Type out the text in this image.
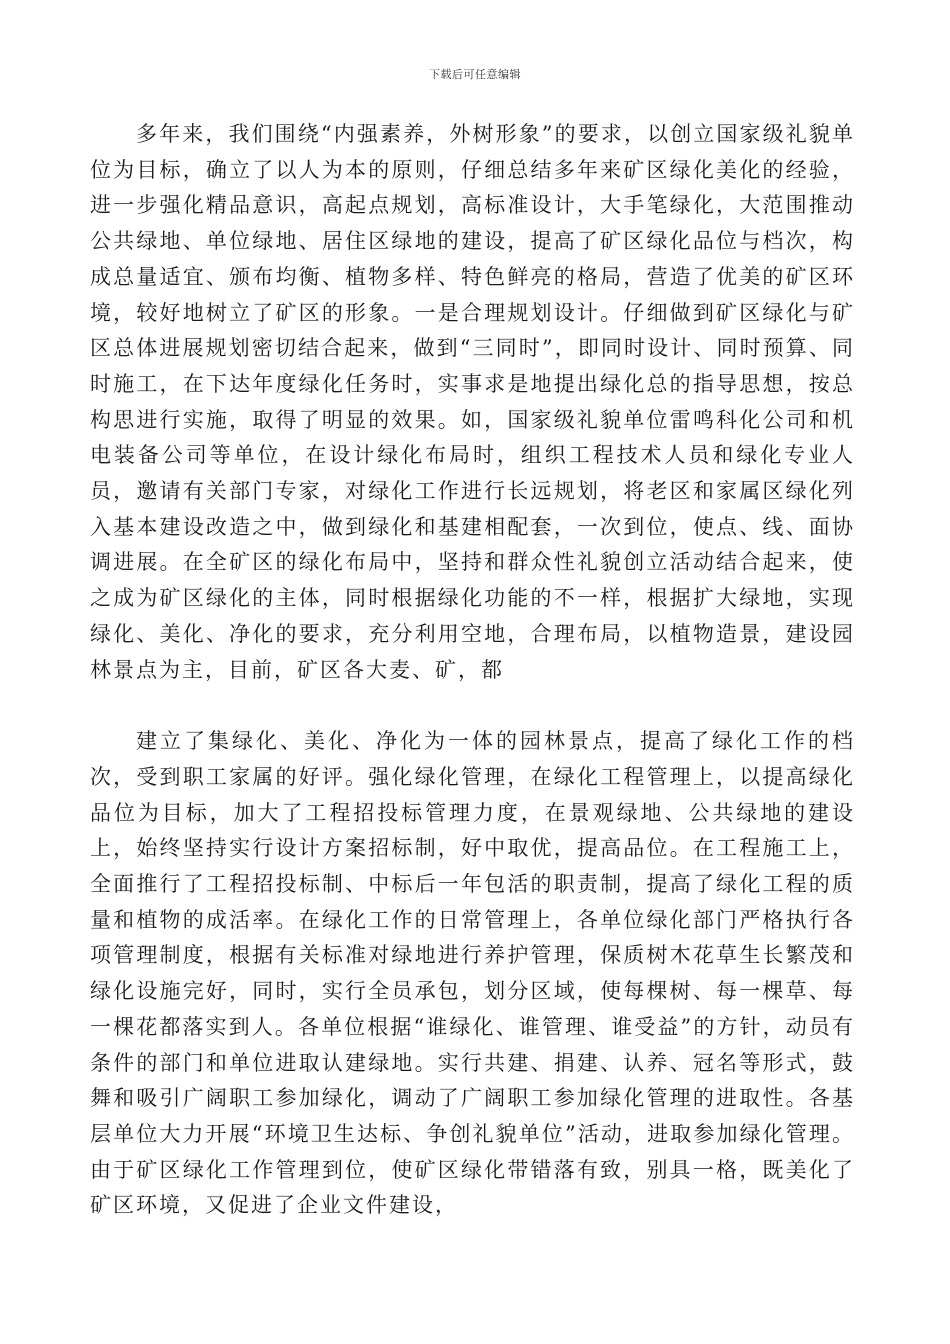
下载后可任意编辑

多年来，我们围绕“内强素养，外树形象”的要求，以创立国家级礼貌单位为目标，确立了以人为本的原则，仔细总结多年来矿区绿化美化的经验，进一步强化精品意识，高起点规划，高标准设计，大手笔绿化，大范围推动公共绿地、单位绿地、居住区绿地的建设，提高了矿区绿化品位与档次，构成总量适宜、颁布均衡、植物多样、特色鲜亮的格局，营造了优美的矿区环境，较好地树立了矿区的形象。一是合理规划设计。仔细做到矿区绿化与矿区总体进展规划密切结合起来，做到“三同时”，即同时设计、同时预算、同时施工，在下达年度绿化任务时，实事求是地提出绿化总的指导思想，按总构思进行实施，取得了明显的效果。如，国家级礼貌单位雷鸣科化公司和机电装备公司等单位，在设计绿化布局时，组织工程技术人员和绿化专业人员，邀请有关部门专家，对绿化工作进行长远规划，将老区和家属区绿化列入基本建设改造之中，做到绿化和基建相配套，一次到位，使点、线、面协调进展。在全矿区的绿化布局中，坚持和群众性礼貌创立活动结合起来，使之成为矿区绿化的主体，同时根据绿化功能的不一样，根据扩大绿地，实现绿化、美化、净化的要求，充分利用空地，合理布局，以植物造景，建设园林景点为主，目前，矿区各大麦、矿，都

建立了集绿化、美化、净化为一体的园林景点，提高了绿化工作的档次，受到职工家属的好评。强化绿化管理，在绿化工程管理上，以提高绿化品位为目标，加大了工程招投标管理力度，在景观绿地、公共绿地的建设上，始终坚持实行设计方案招标制，好中取优，提高品位。在工程施工上，全面推行了工程招投标制、中标后一年包活的职责制，提高了绿化工程的质量和植物的成活率。在绿化工作的日常管理上，各单位绿化部门严格执行各项管理制度，根据有关标准对绿地进行养护管理，保质树木花草生长繁茂和绿化设施完好，同时，实行全员承包，划分区域，使每棵树、每一棵草、每一棵花都落实到人。各单位根据“谁绿化、谁管理、谁受益”的方针，动员有条件的部门和单位进取认建绿地。实行共建、捐建、认养、冠名等形式，鼓舞和吸引广阔职工参加绿化，调动了广阔职工参加绿化管理的进取性。各基层单位大力开展“环境卫生达标、争创礼貌单位”活动，进取参加绿化管理。由于矿区绿化工作管理到位，使矿区绿化带错落有致，别具一格，既美化了矿区环境，又促进了企业文件建设，
